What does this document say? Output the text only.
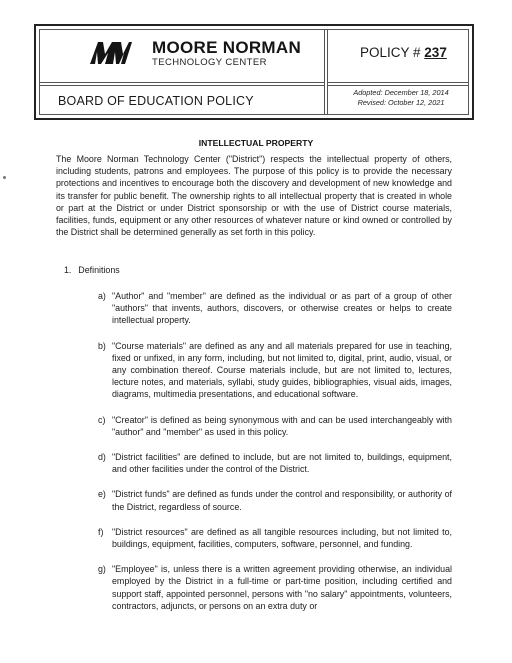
MOORE NORMAN
TECHNOLOGY CENTER
BOARD OF EDUCATION POLICY
POLICY # 237
Adopted: December 18, 2014
Revised: October 12, 2021
INTELLECTUAL PROPERTY
The Moore Norman Technology Center ("District") respects the intellectual property of others, including students, patrons and employees. The purpose of this policy is to provide the necessary protections and incentives to encourage both the discovery and development of new knowledge and its transfer for public benefit. The ownership rights to all intellectual property that is created in whole or part at the District or under District sponsorship or with the use of District course materials, facilities, funds, equipment or any other resources of whatever nature or kind owned or controlled by the District shall be determined generally as set forth in this policy.
1.  Definitions
a) "Author" and "member" are defined as the individual or as part of a group of other "authors" that invents, authors, discovers, or otherwise creates or helps to create intellectual property.
b) "Course materials" are defined as any and all materials prepared for use in teaching, fixed or unfixed, in any form, including, but not limited to, digital, print, audio, visual, or any combination thereof. Course materials include, but are not limited to, lectures, lecture notes, and materials, syllabi, study guides, bibliographies, visual aids, images, diagrams, multimedia presentations, and educational software.
c) "Creator" is defined as being synonymous with and can be used interchangeably with "author" and "member" as used in this policy.
d) "District facilities" are defined to include, but are not limited to, buildings, equipment, and other facilities under the control of the District.
e) "District funds" are defined as funds under the control and responsibility, or authority of the District, regardless of source.
f) "District resources" are defined as all tangible resources including, but not limited to, buildings, equipment, facilities, computers, software, personnel, and funding.
g) "Employee" is, unless there is a written agreement providing otherwise, an individual employed by the District in a full-time or part-time position, including certified and support staff, appointed personnel, persons with "no salary" appointments, volunteers, contractors, adjuncts, or persons on an extra duty or
